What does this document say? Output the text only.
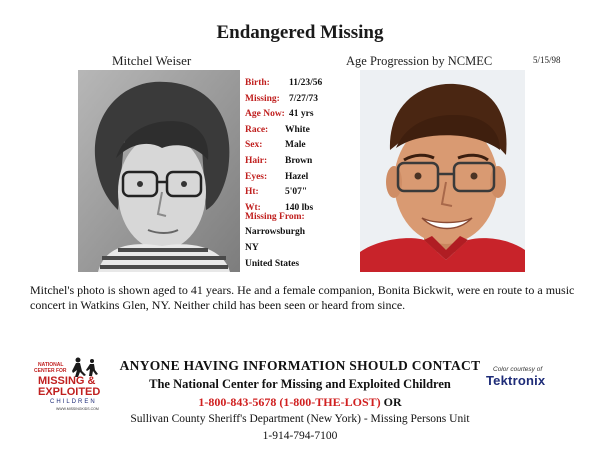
Endangered Missing
Mitchel Weiser	Age Progression by NCMEC	5/15/98
Birth: 11/23/56
Missing: 7/27/73
Age Now: 41 yrs
Race: White
Sex: Male
Hair: Brown
Eyes: Hazel
Ht:	5'07"
Wt:	140 lbs
Missing From:
Narrowsburgh
NY
United States
Mitchel's photo is shown aged to 41 years. He and a female companion, Bonita Bickwit, were en route to a music concert in Watkins Glen, NY. Neither child has been seen or heard from since.
NATIONAL
CENTER FOR
MISSING &
EXPLOITED
CHILDREN
WWW.MISSINGKIDS.COM
ANYONE HAVING INFORMATION SHOULD CONTACT
The National Center for Missing and Exploited Children
1-800-843-5678 (1-800-THE-LOST) OR
Sullivan County Sheriff's Department (New York) - Missing Persons Unit
1-914-794-7100
Color courtesy of
Tektronix
